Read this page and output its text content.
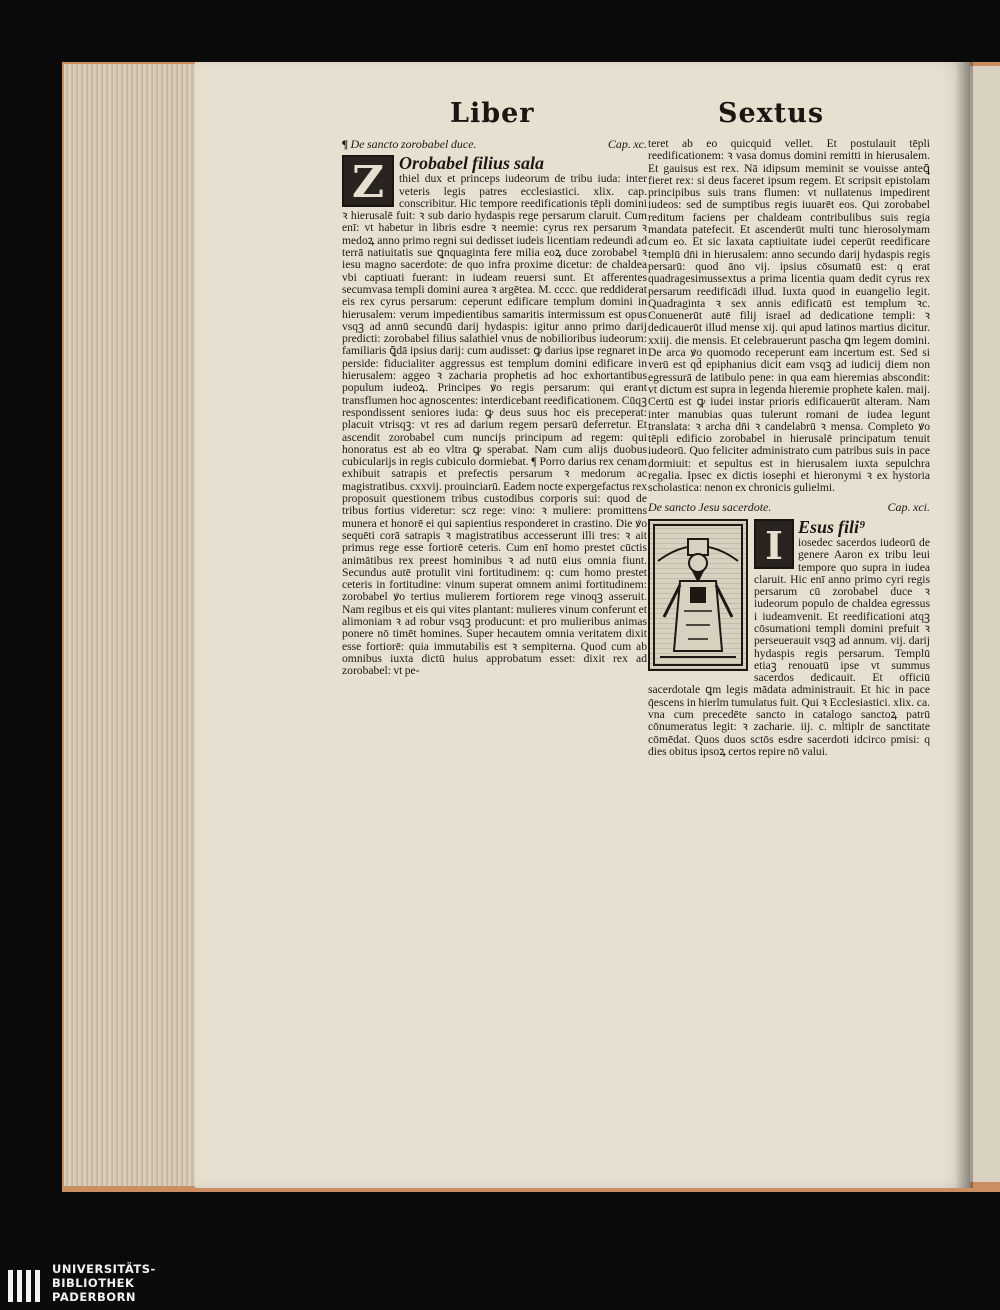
Liber	Sextus
¶ De sancto zorobabel duce.	Cap. xc.
Z Orobabel filius sala

thiel dux et princeps iudeorum de tribu iuda: inter veteris legis patres ecclesiastici. xlix. cap. conscribitur. Hic tempore reedificationis tēpli domini ꝛ hierusalē fuit: ꝛ sub dario hydaspis rege persarum claruit. Cum enī: vt habetur in libris esdre ꝛ neemie: cyrus rex persarum ꝛ medoꝝ anno primo regni sui dedisset iudeis licentiam redeundi ad terrā natiuitatis sue ꝗnquaginta fere milia eoꝝ duce zorobabel ꝛ iesu magno sacerdote: de quo infra proxime dicetur: de chaldea vbi captiuati fuerant: in iudeam reuersi sunt. Et afferentes secumvasa templi domini aurea ꝛ argētea. M. cccc. que reddiderat eis rex cyrus persarum: ceperunt edificare templum domini in hierusalem: verum impedientibus samaritis intermissum est opus vsqꝫ ad annū secundū darij hydaspis: igitur anno primo darij predicti: zorobabel filius salathiel vnus de nobilioribus iudeorum: familiaris ꝗ̄dā ipsius darij: cum audisset: ꝙ darius ipse regnaret in perside: fiducialiter aggressus est templum domini edificare in hierusalem: aggeo ꝛ zacharia prophetis ad hoc exhortantibus populum iudeoꝝ. Principes ꝟo regis persarum: qui erant transflumen hoc agnoscentes: interdicebant reedificationem. Cūqꝫ respondissent seniores iuda: ꝙ deus suus hoc eis preceperat: placuit vtrisqꝫ: vt res ad darium regem persarū deferretur. Et ascendit zorobabel cum nuncijs principum ad regem: qui honoratus est ab eo vltra ꝙ sperabat. Nam cum alijs duobus cubicularijs in regis cubiculo dormiebat. ¶ Porro darius rex cenam exhibuit satrapis et prefectis persarum ꝛ medorum ac magistratibus. cxxvij. prouinciarū. Eadem nocte expergefactus rex proposuit questionem tribus custodibus corporis sui: quod de tribus fortius videretur: scz rege: vino: ꝛ muliere: promittens munera et honorē ei qui sapientius responderet in crastino. Die ꝟo sequēti corā satrapis ꝛ magistratibus accesserunt illi tres: ꝛ ait primus rege esse fortiorē ceteris. Cum enī homo prestet cūctis animātibus rex preest hominibus ꝛ ad nutū eius omnia fiunt. Secundus autē protulit vini fortitudinem: q: cum homo prestet ceteris in fortitudine: vinum superat omnem animi fortitudinem: zorobabel ꝟo tertius mulierem fortiorem rege vinoqꝫ asseruit. Nam regibus et eis qui vites plantant: mulieres vinum conferunt et alimoniam ꝛ ad robur vsqꝫ producunt: et pro mulieribus animas ponere nō timēt homines. Super hecautem omnia veritatem dixit esse fortiorē: quia immutabilis est ꝛ sempiterna. Quod cum ab omnibus iuxta dictū huius approbatum esset: dixit rex ad zorobabel: vt pe-

teret ab eo quicquid vellet. Et postulauit tēpli reedificationem: ꝛ vasa domus domini remitti in hierusalem. Et gauisus est rex. Nā idipsum meminit se vouisse anteꝗ̄ fieret rex: si deus faceret ipsum regem. Et scripsit epistolam principibus suis trans flumen: vt nullatenus impedirent iudeos: sed de sumptibus regis iuuarēt eos. Qui zorobabel reditum faciens per chaldeam contribulibus suis regia mandata patefecit. Et ascenderūt multi tunc hierosolymam cum eo. Et sic laxata captiuitate iudei ceperūt reedificare templū dn̄i in hierusalem: anno secundo darij hydaspis regis persarū: quod āno vij. ipsius cōsumatū est: q erat quadragesimussextus a prima licentia quam dedit cyrus rex persarum reedificādi illud. Iuxta quod in euangelio legit. Quadraginta ꝛ sex annis edificatū est templum ꝛc. Conuenerūt autē filij israel ad dedicatione templi: ꝛ dedicauerūt illud mense xij. qui apud latinos martius dicitur. xxiij. die mensis. Et celebrauerunt pascha ꝗm legem domini. De arca ꝟo quomodo receperunt eam incertum est. Sed si verū est qd̄ epiphanius dicit eam vsqꝫ ad iudicij diem non egressurā de latibulo pene: in qua eam hieremias abscondit: vt dictum est supra in legenda hieremie prophete kalen. maij. Certū est ꝙ iudei instar prioris edificauerūt alteram. Nam inter manubias quas tulerunt romani de iudea legunt translata: ꝛ archa dn̄i ꝛ candelabrū ꝛ mensa. Completo ꝟo tēpli edificio zorobabel in hierusalē principatum tenuit iudeorū. Quo feliciter administrato cum patribus suis in pace dormiuit: et sepultus est in hierusalem iuxta sepulchra regalia. Ipsec ex dictis iosephi et hieronymi ꝛ ex hystoria scholastica: nenon ex chronicis gulielmi.

De sancto Jesu sacerdote.	Cap. xci.
I Esus fili⁹

iosedec sacerdos iudeorū de genere Aaron ex tribu leui tempore quo supra in iudea claruit. Hic enī anno primo cyri regis persarum cū zorobabel duce ꝛ iudeorum populo de chaldea egressus i iudeamvenit. Et reedificationi atqꝫ cōsumationi templi domini prefuit ꝛ perseuerauit vsqꝫ ad annum. vij. darij hydaspis regis persarum. Templū etiaꝫ renouatū ipse vt summus sacerdos dedicauit. Et officiū sacerdotale ꝗm legis mādata administrauit. Et hic in pace q̄escens in hierlm tumulatus fuit. Qui ꝛ Ecclesiastici. xlix. ca. vna cum precedēte sancto in catalogo sanctoꝝ patrū cōnumeratus legit: ꝛ zacharie. iij. c. mltiplr de sanctitate cōmēdat. Quos duos sctōs esdre sacerdoti idcirco pmisi: q dies obitus ipsoꝝ certos repire nō valui.

UNIVERSITÄTS-
BIBLIOTHEK
PADERBORN
